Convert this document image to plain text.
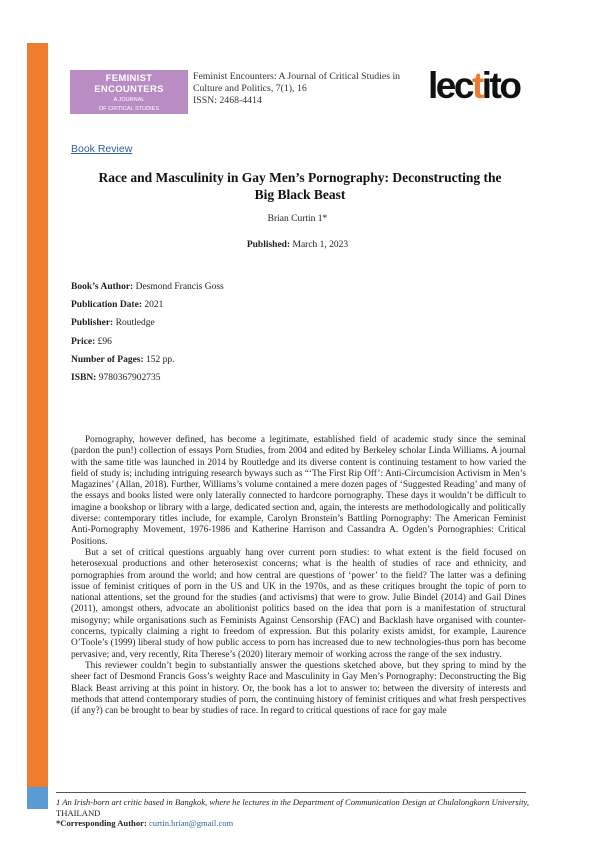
FEMINIST ENCOUNTERS
A JOURNAL
OF CRITICAL STUDIES
IN CULTURE AND POLITICS
Feminist Encounters: A Journal of Critical Studies in
Culture and Politics, 7(1), 16
ISSN: 2468-4414	lectito
Book Review
Race and Masculinity in Gay Men’s Pornography: Deconstructing the Big Black Beast
Brian Curtin 1*
Published: March 1, 2023
Book’s Author: Desmond Francis Goss
Publication Date: 2021
Publisher: Routledge
Price: £96
Number of Pages: 152 pp.
ISBN: 9780367902735

Pornography, however defined, has become a legitimate, established field of academic study since the seminal (pardon the pun!) collection of essays Porn Studies, from 2004 and edited by Berkeley scholar Linda Williams. A journal with the same title was launched in 2014 by Routledge and its diverse content is continuing testament to how varied the field of study is; including intriguing research byways such as “‘The First Rip Off’: Anti-Circumcision Activism in Men’s Magazines’ (Allan, 2018). Further, Williams’s volume contained a mere dozen pages of ‘Suggested Reading’ and many of the essays and books listed were only laterally connected to hardcore pornography. These days it wouldn’t be difficult to imagine a bookshop or library with a large, dedicated section and, again, the interests are methodologically and politically diverse: contemporary titles include, for example, Carolyn Bronstein’s Battling Pornography: The American Feminist Anti-Pornography Movement, 1976-1986 and Katherine Harrison and Cassandra A. Ogden’s Pornographies: Critical Positions.

But a set of critical questions arguably hang over current porn studies: to what extent is the field focused on heterosexual productions and other heterosexist concerns; what is the health of studies of race and ethnicity, and pornographies from around the world; and how central are questions of ‘power’ to the field? The latter was a defining issue of feminist critiques of porn in the US and UK in the 1970s, and as these critiques brought the topic of porn to national attentions, set the ground for the studies (and activisms) that were to grow. Julie Bindel (2014) and Gail Dines (2011), amongst others, advocate an abolitionist politics based on the idea that porn is a manifestation of structural misogyny; while organisations such as Feminists Against Censorship (FAC) and Backlash have organised with counter-concerns, typically claiming a right to freedom of expression. But this polarity exists amidst, for example, Laurence O’Toole’s (1999) liberal study of how public access to porn has increased due to new technologies-thus porn has become pervasive; and, very recently, Rita Therese’s (2020) literary memoir of working across the range of the sex industry.

This reviewer couldn’t begin to substantially answer the questions sketched above, but they spring to mind by the sheer fact of Desmond Francis Goss’s weighty Race and Masculinity in Gay Men’s Pornography: Deconstructing the Big Black Beast arriving at this point in history. Or, the book has a lot to answer to: between the diversity of interests and methods that attend contemporary studies of porn, the continuing history of feminist critiques and what fresh perspectives (if any?) can be brought to bear by studies of race. In regard to critical questions of race for gay male

1 An Irish-born art critic based in Bangkok, where he lectures in the Department of Communication Design at Chulalongkorn University, THAILAND
*Corresponding Author: curtin.brian@gmail.com
